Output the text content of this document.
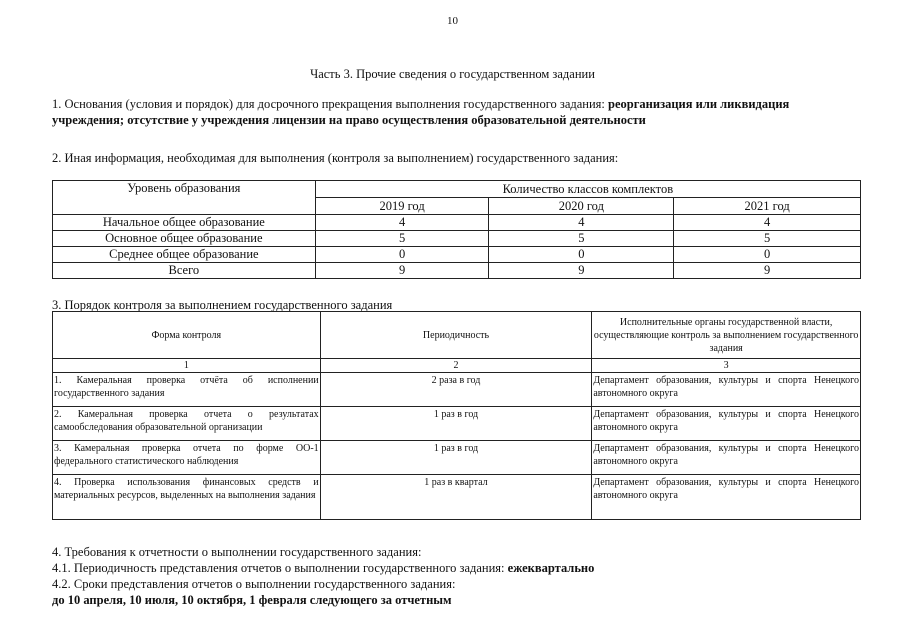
10
Часть 3. Прочие сведения о государственном задании
1. Основания (условия и порядок) для досрочного прекращения выполнения государственного задания: реорганизация или ликвидация учреждения; отсутствие у учреждения лицензии на право осуществления образовательной деятельности
2. Иная информация, необходимая для выполнения (контроля за выполнением) государственного задания:
Уровень образования	Количество классов комплектов		
	2019 год	2020 год	2021 год
Начальное общее образование	4	4	4
Основное общее образование	5	5	5
Среднее общее образование	0	0	0
Всего	9	9	9
3. Порядок контроля за выполнением государственного задания
Форма контроля	Периодичность	Исполнительные органы государственной власти, осуществляющие контроль за выполнением государственного задания
1	2	3
1. Камеральная проверка отчёта об исполнении государственного задания	2 раза в год	Департамент образования, культуры и спорта Ненецкого автономного округа
2. Камеральная проверка отчета о результатах самообследования образовательной организации	1 раз в год	Департамент образования, культуры и спорта Ненецкого автономного округа
3. Камеральная проверка отчета по форме ОО-1 федерального статистического наблюдения	1 раз в год	Департамент образования, культуры и спорта Ненецкого автономного округа
4. Проверка использования финансовых средств и материальных ресурсов, выделенных на выполнения задания	1 раз в квартал	Департамент образования, культуры и спорта Ненецкого автономного округа
4. Требования к отчетности о выполнении государственного задания:
4.1. Периодичность представления отчетов о выполнении государственного задания: ежеквартально
4.2. Сроки представления отчетов о выполнении государственного задания:
до 10 апреля, 10 июля, 10 октября, 1 февраля следующего за отчетным
